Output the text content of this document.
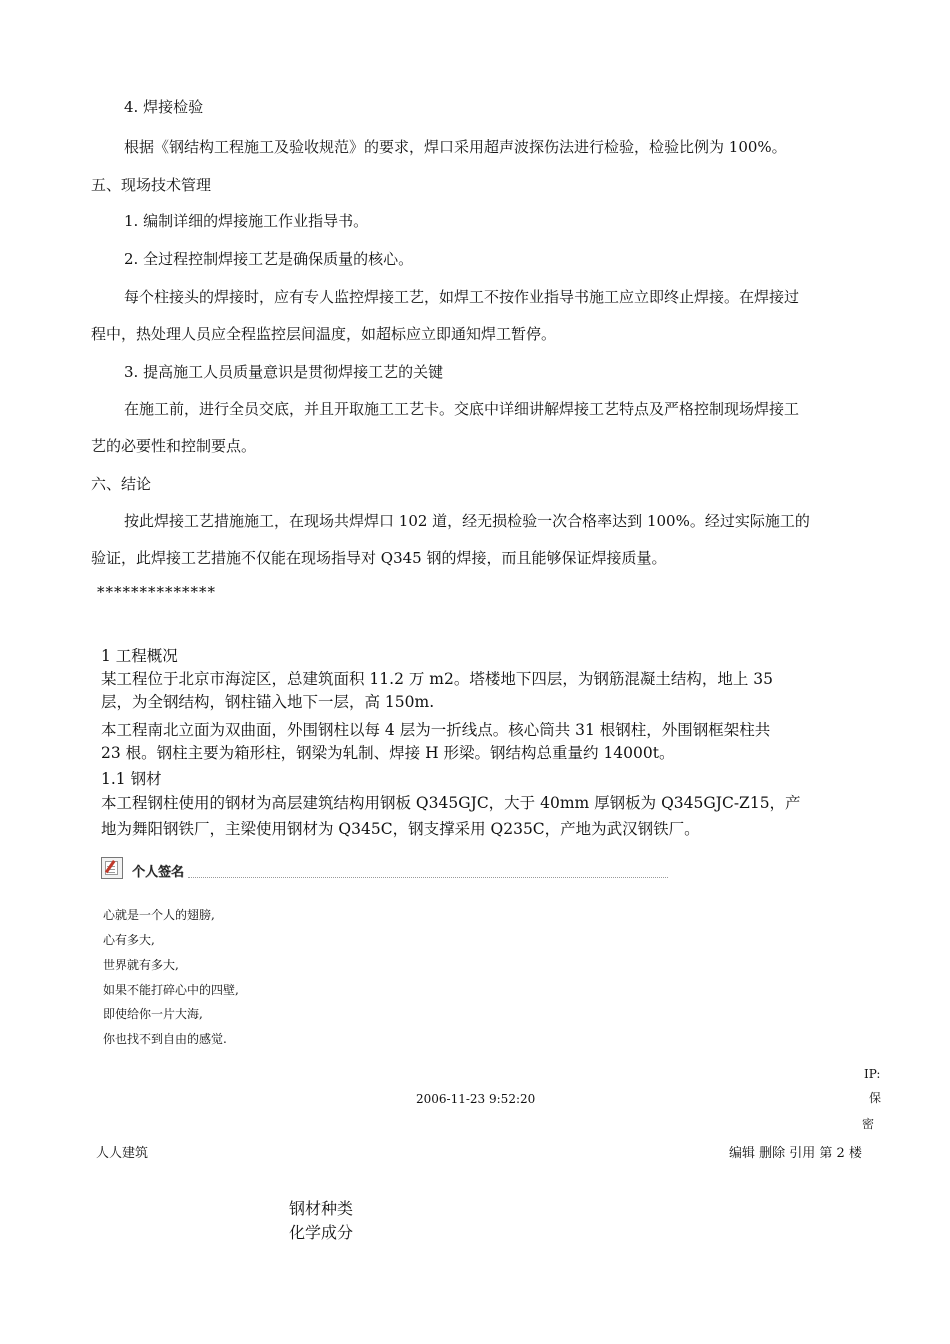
4. 焊接检验
根据《钢结构工程施工及验收规范》的要求，焊口采用超声波探伤法进行检验，检验比例为 100%。
五、现场技术管理
1. 编制详细的焊接施工作业指导书。
2. 全过程控制焊接工艺是确保质量的核心。
每个柱接头的焊接时，应有专人监控焊接工艺，如焊工不按作业指导书施工应立即终止焊接。在焊接过
程中，热处理人员应全程监控层间温度，如超标应立即通知焊工暂停。
3. 提高施工人员质量意识是贯彻焊接工艺的关键
在施工前，进行全员交底，并且开取施工工艺卡。交底中详细讲解焊接工艺特点及严格控制现场焊接工
艺的必要性和控制要点。
六、结论
按此焊接工艺措施施工，在现场共焊焊口 102 道，经无损检验一次合格率达到 100%。经过实际施工的
验证，此焊接工艺措施不仅能在现场指导对 Q345 钢的焊接，而且能够保证焊接质量。
**************
1 工程概况
某工程位于北京市海淀区，总建筑面积 11.2 万 m2。塔楼地下四层，为钢筋混凝土结构，地上 35
层，为全钢结构，钢柱锚入地下一层，高 150m.
本工程南北立面为双曲面，外围钢柱以每 4 层为一折线点。核心筒共 31 根钢柱，外围钢框架柱共
23 根。钢柱主要为箱形柱，钢梁为轧制、焊接 H 形梁。钢结构总重量约 14000t。
1.1 钢材
本工程钢柱使用的钢材为高层建筑结构用钢板 Q345GJC，大于 40mm 厚钢板为 Q345GJC-Z15，产
地为舞阳钢铁厂，主梁使用钢材为 Q345C，钢支撑采用 Q235C，产地为武汉钢铁厂。
个人签名
心就是一个人的翅膀,
心有多大,
世界就有多大,
如果不能打碎心中的四壁,
即使给你一片大海,
你也找不到自由的感觉.
IP:
2006-11-23 9:52:20	保
密
人人建筑	编辑 删除 引用 第 2 楼
钢材种类
化学成分
